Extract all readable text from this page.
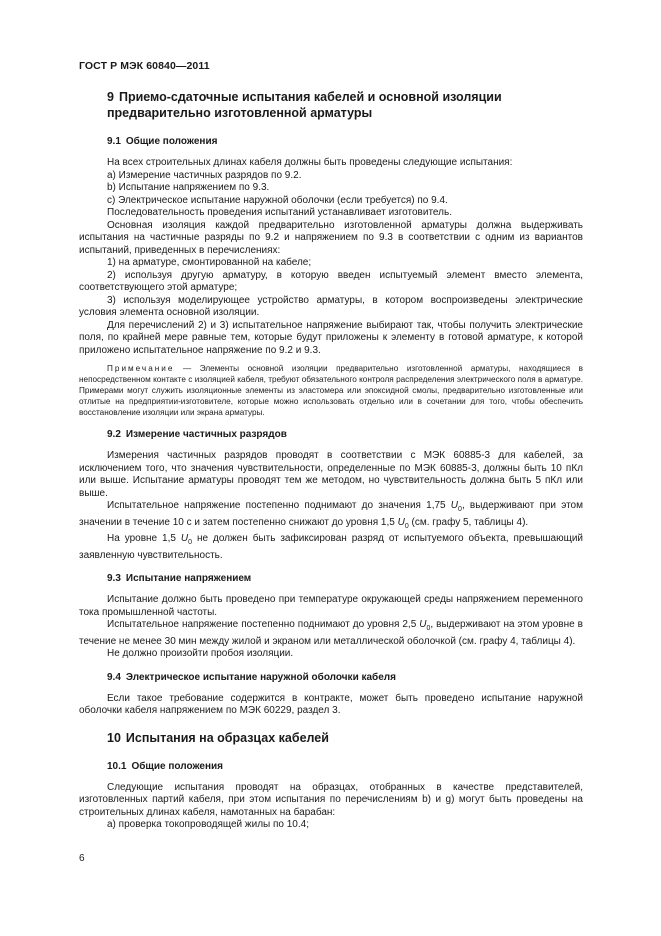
ГОСТ Р МЭК 60840—2011
9 Приемо-сдаточные испытания кабелей и основной изоляции предварительно изготовленной арматуры
9.1 Общие положения

На всех строительных длинах кабеля должны быть проведены следующие испытания:

а) Измерение частичных разрядов по 9.2.

b) Испытание напряжением по 9.3.

c) Электрическое испытание наружной оболочки (если требуется) по 9.4.

Последовательность проведения испытаний устанавливает изготовитель.

Основная изоляция каждой предварительно изготовленной арматуры должна выдерживать испытания на частичные разряды по 9.2 и напряжением по 9.3 в соответствии с одним из вариантов испытаний, приведенных в перечислениях:

1) на арматуре, смонтированной на кабеле;

2) используя другую арматуру, в которую введен испытуемый элемент вместо элемента, соответствующего этой арматуре;

3) используя моделирующее устройство арматуры, в котором воспроизведены электрические условия элемента основной изоляции.

Для перечислений 2) и 3) испытательное напряжение выбирают так, чтобы получить электрические поля, по крайней мере равные тем, которые будут приложены к элементу в готовой арматуре, к которой приложено испытательное напряжение по 9.2 и 9.3.

Примечание — Элементы основной изоляции предварительно изготовленной арматуры, находящиеся в непосредственном контакте с изоляцией кабеля, требуют обязательного контроля распределения электрического поля в арматуре. Примерами могут служить изоляционные элементы из эластомера или эпоксидной смолы, предварительно изготовленные или отлитые на предприятии-изготовителе, которые можно использовать отдельно или в сочетании для того, чтобы обеспечить восстановление изоляции или экрана арматуры.

9.2 Измерение частичных разрядов

Измерения частичных разрядов проводят в соответствии с МЭК 60885-3 для кабелей, за исключением того, что значения чувствительности, определенные по МЭК 60885-3, должны быть 10 пКл или выше. Испытание арматуры проводят тем же методом, но чувствительность должна быть 5 пКл или выше.

Испытательное напряжение постепенно поднимают до значения 1,75 $U_0$, выдерживают при этом значении в течение 10 с и затем постепенно снижают до уровня 1,5 $U_0$ (см. графу 5, таблицы 4).

На уровне 1,5 $U_0$ не должен быть зафиксирован разряд от испытуемого объекта, превышающий заявленную чувствительность.

9.3 Испытание напряжением

Испытание должно быть проведено при температуре окружающей среды напряжением переменного тока промышленной частоты.

Испытательное напряжение постепенно поднимают до уровня 2,5 $U_0$, выдерживают на этом уровне в течение не менее 30 мин между жилой и экраном или металлической оболочкой (см. графу 4, таблицы 4).

Не должно произойти пробоя изоляции.

9.4 Электрическое испытание наружной оболочки кабеля

Если такое требование содержится в контракте, может быть проведено испытание наружной оболочки кабеля напряжением по МЭК 60229, раздел 3.

10 Испытания на образцах кабелей
10.1 Общие положения

Следующие испытания проводят на образцах, отобранных в качестве представителей, изготовленных партий кабеля, при этом испытания по перечислениям b) и g) могут быть проведены на строительных длинах кабеля, намотанных на барабан:

а) проверка токопроводящей жилы по 10.4;

6
